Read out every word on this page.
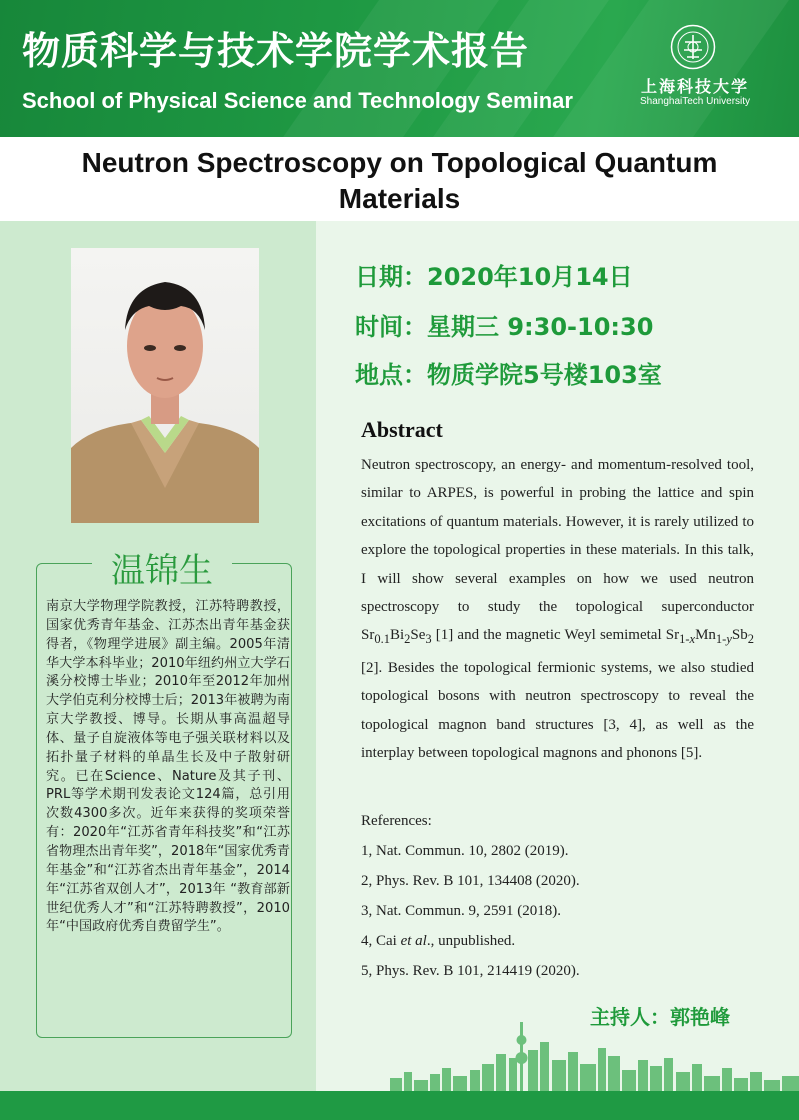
物质科学与技术学院学术报告
School of Physical Science and Technology Seminar
上海科技大学
ShanghaiTech University
Neutron Spectroscopy on Topological Quantum
Materials
温锦生
南京大学物理学院教授，江苏特聘教授，国家优秀青年基金、江苏杰出青年基金获得者，《物理学进展》副主编。2005年清华大学本科毕业；2010年纽约州立大学石溪分校博士毕业；2010年至2012年加州大学伯克利分校博士后；2013年被聘为南京大学教授、博导。长期从事高温超导体、量子自旋液体等电子强关联材料以及拓扑量子材料的单晶生长及中子散射研究。已在Science、Nature及其子刊、PRL等学术期刊发表论文124篇，总引用次数4300多次。近年来获得的奖项荣誉有：2020年“江苏省青年科技奖”和“江苏省物理杰出青年奖”，2018年“国家优秀青年基金”和“江苏省杰出青年基金”，2014年“江苏省双创人才”，2013年 “教育部新世纪优秀人才”和“江苏特聘教授”，2010年“中国政府优秀自费留学生”。
日期：2020年10月14日
时间：星期三 9:30-10:30
地点：物质学院5号楼103室
Abstract
Neutron spectroscopy, an energy- and momentum-resolved tool, similar to ARPES, is powerful in probing the lattice and spin excitations of quantum materials. However, it is rarely utilized to explore the topological properties in these materials. In this talk, I will show several examples on how we used neutron spectroscopy to study the topological superconductor $Sr_{0.1}Bi_2Se_3$ [1] and the magnetic Weyl semimetal $Sr_{1-x}Mn_{1-y}Sb_2$ [2]. Besides the topological fermionic systems, we also studied topological bosons with neutron spectroscopy to reveal the topological magnon band structures [3, 4], as well as the interplay between topological magnons and phonons [5].
References:
1, Nat. Commun. 10, 2802 (2019).
2, Phys. Rev. B 101, 134408 (2020).
3, Nat. Commun. 9, 2591 (2018).
4, Cai et al., unpublished.
5, Phys. Rev. B 101, 214419 (2020).
主持人：郭艳峰
